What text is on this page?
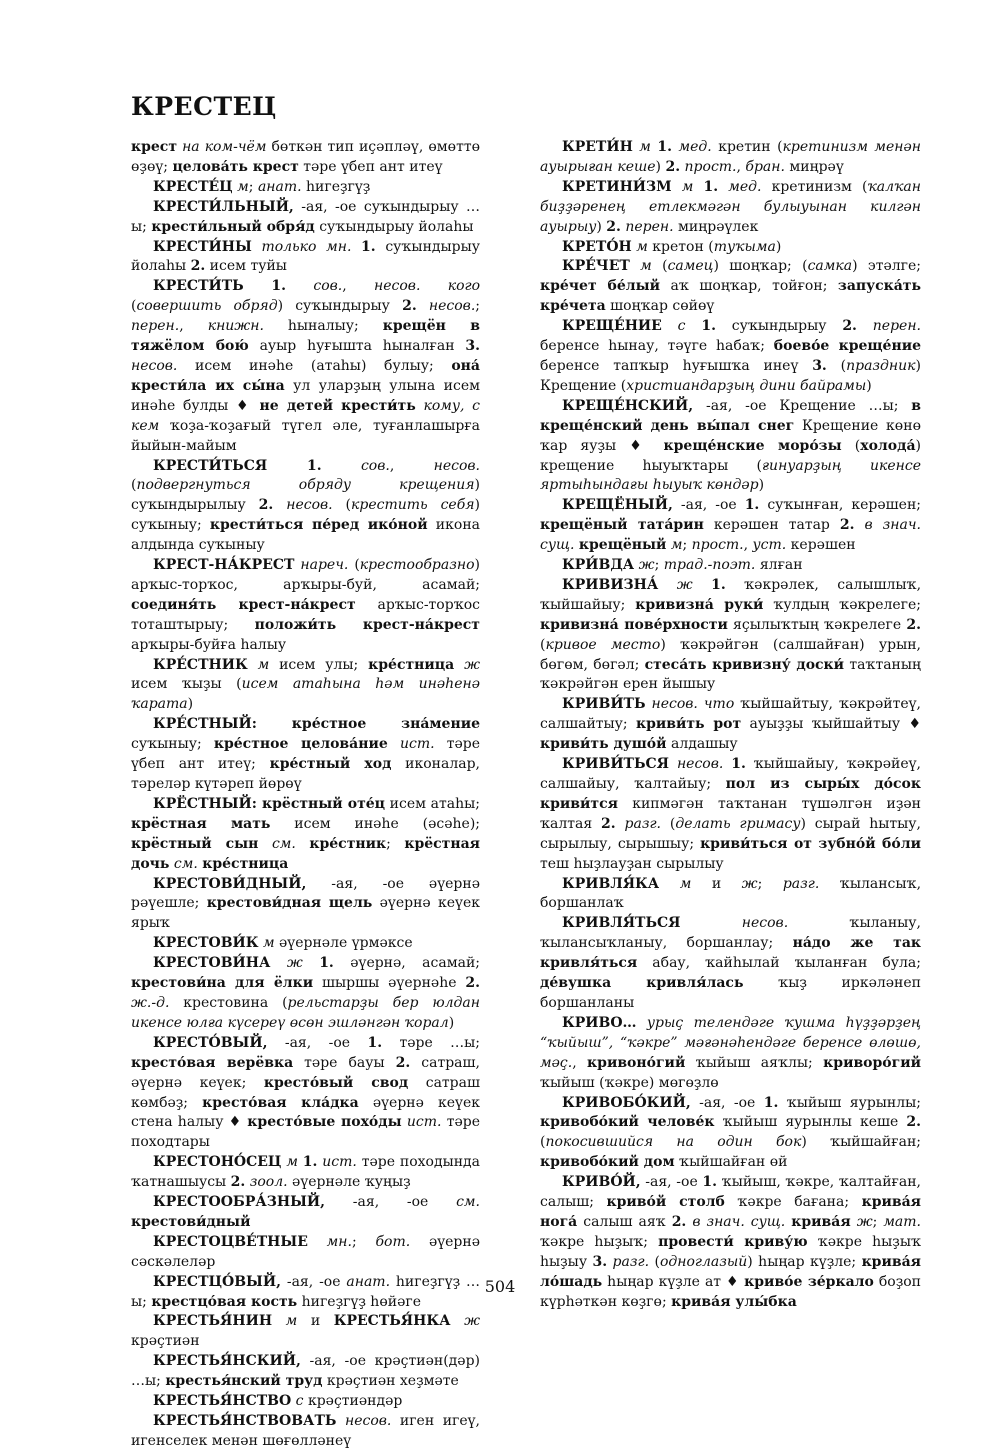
КРЕСТЕЦ

крест на ком-чём бөткән тип иҫәпләү, өмөттө өҙөү; целова́ть крест тәре үбеп ант итеү

КРЕСТЕ́Ц м; анат. һигеҙгүҙ

КРЕСТИ́ЛЬНЫЙ, -ая, -ое суҡындырыу …ы; крести́льный обря́д суҡындырыу йолаһы

КРЕСТИ́НЫ только мн. 1. суҡындырыу йолаһы 2. исем туйы

КРЕСТИ́ТЬ 1. сов., несов. кого (совершить обряд) суҡындырыу 2. несов.; перен., книжн. һыналыу; крещён в тяжёлом бою́ ауыр һуғышта һыналған 3. несов. исем инәһе (атаһы) булыу; она́ крести́ла их сы́на ул уларҙың улына исем инәһе булды ♦ не детей́ крести́ть кому, с кем ҡоҙа-ҡоҙағый түгел әле, туғанлашырға йыйын-майым

КРЕСТИ́ТЬСЯ 1.	сов., несов. (подвергнуться обряду крещения) суҡындырылыу 2. несов. (крестить себя) суҡыныу; крести́ться пе́ред ико́ной икона алдында суҡыныу

КРЕСТ-НА́КРЕСТ нареч. (крестообразно) арҡыс-торҡос, арҡыры-буй, асамай; соединя́ть крест-на́крест арҡыс-торҡос тоташтырыу; положи́ть крест-на́крест арҡыры-буйға һалыу

КРЕ́СТНИК м исем улы; кре́стница ж исем ҡыҙы (исем атаһына һәм инәһенә ҡарата)

КРЕ́СТНЫЙ: кре́стное зна́мение суҡыныу; кре́стное целова́ние ист. тәре үбеп ант итеү; кре́стный ход иконалар, тәреләр күтәреп йөрөү

КРЁСТНЫЙ: крёстный оте́ц исем атаһы; крёстная мать исем инәһе (әсәһе); крёстный сын см. кре́стник; крёстная дочь см. кре́стница

КРЕСТОВИ́ДНЫЙ, -ая, -ое әүернә рәүешле; крестови́дная щель әүернә кеүек ярыҡ

КРЕСТОВИ́К м әүернәле үрмәксе

КРЕСТОВИ́НА ж 1. әүернә, асамай; крестови́на для ёлки шыршы әүернәһе 2. ж.-д. крестовина (рельстарҙы бер юлдан икенсе юлға күсереү өсөн эшләнгән ҡорал)

КРЕСТО́ВЫЙ, -ая, -ое 1. тәре …ы; кресто́вая верёвка тәре бауы 2. сатраш, әүернә кеүек; кресто́вый свод сатраш көмбәҙ; кресто́вая кла́дка әүернә кеүек стена һалыу ♦ кресто́вые похо́ды ист. тәре походтары

КРЕСТОНО́СЕЦ м 1. ист. тәре походында ҡатнашыусы 2. зоол. әүернәле ҡуңыҙ

КРЕСТООБРА́ЗНЫЙ, -ая, -ое см. крестови́дный

КРЕСТОЦВЕ́ТНЫЕ мн.; бот. әүернә сәскәлеләр

КРЕСТЦО́ВЫЙ, -ая, -ое анат. һигеҙгүҙ …ы; крестцо́вая кость һигеҙгүҙ һөйәге

КРЕСТЬЯ́НИН м и КРЕСТЬЯ́НКА ж крәҫтиән

КРЕСТЬЯ́НСКИЙ, -ая, -ое крәҫтиән(дәр) …ы; крестья́нский труд крәҫтиән хеҙмәте

КРЕСТЬЯ́НСТВО с крәҫтиәндәр

КРЕСТЬЯ́НСТВОВАТЬ несов. иген игеү, игенселек менән шөғөлләнеү

КРЕТИ́Н м 1. мед. кретин (кретинизм менән ауырыған кеше) 2. прост., бран. миңрәү

КРЕТИНИ́ЗМ м 1. мед. кретинизм (ҡалҡан биҙҙәренең етлекмәгән булыуынан килгән ауырыу) 2. перен. миңрәүлек

КРЕТО́Н м кретон (туҡыма)

КРЕ́ЧЕТ м (самец) шоңҡар; (самка) этәлге; кре́чет бе́лый аҡ шоңҡар, тойғон; запуска́ть кре́чета шоңҡар сөйөү

КРЕЩЕ́НИЕ с 1. суҡындырыу 2. перен. беренсе һынау, тәүге һабаҡ; боево́е креще́ние беренсе тапҡыр һуғышҡа инеү 3. (праздник) Крещение (христиандарҙың дини байрамы)

КРЕЩЕ́НСКИЙ, -ая, -ое Крещение …ы; в креще́нский день вы́пал снег Крещение көнө ҡар яуҙы ♦ креще́нские моро́зы (холода́) крещение һыуыҡтары (ғинуарҙың икенсе яртыһындағы һыуыҡ көндәр)

КРЕЩЁНЫЙ, -ая, -ое 1. суҡынған, керәшен; крещёный тата́рин керәшен татар 2. в знач. сущ. крещёный м; прост., уст. керәшен

КРИ́ВДА ж; трад.-поэт. ялған

КРИВИЗНА́ ж 1. ҡәкрәлек, салышлыҡ, ҡыйшайыу; кривизна́ руки́ ҡулдың ҡәкрелеге; кривизна́ пове́рхности яҫылыҡтың ҡәкрелеге 2. (кривое место) ҡәкрәйгән (салшайған) урын, бөгөм, бөгәл; стеса́ть кривизну́ доски́ таҡтаның ҡәкрәйгән ерен йышыу

КРИВИ́ТЬ несов. что ҡыйшайтыу, ҡәкрәйтеү, салшайтыу; криви́ть рот ауыҙҙы ҡыйшайтыу ♦ криви́ть душо́й алдашыу

КРИВИ́ТЬСЯ несов. 1. ҡыйшайыу, ҡәкрәйеү, салшайыу, ҡалтайыу; пол из сыры́х до́сок криви́тся кипмәгән таҡтанан түшәлгән иҙән ҡалтая 2. разг. (делать гримасу) сырай һытыу, сырылыу, сырышыу; криви́ться от зубно́й бо́ли теш һыҙлауҙан сырылыу

КРИВЛЯ́КА м и ж; разг. ҡылансыҡ, боршанлаҡ

КРИВЛЯ́ТЬСЯ	несов. ҡыланыу, ҡылансыҡланыу, боршанлау; на́до же так кривля́ться абау, ҡайһылай ҡыланған була; де́вушка кривля́лась ҡыҙ иркәләнеп боршанланы

КРИВО… урыҫ телендәге ҡушма һүҙҙәрҙең “ҡыйыш”, “ҡәкре” мәғәнәһендәге беренсе өлөшө, мәҫ., кривоно́гий ҡыйыш аяҡлы; криворо́гий ҡыйыш (ҡәкре) мөгөҙлө

КРИВОБО́КИЙ, -ая, -ое 1. ҡыйыш яурынлы; кривобо́кий челове́к ҡыйыш яурынлы кеше 2. (покосившийся на один бок) ҡыйшайған; кривобо́кий дом ҡыйшайған өй

КРИВО́Й, -ая, -ое 1. ҡыйыш, ҡәкре, ҡалтайған, салыш; криво́й столб ҡәкре бағана; крива́я нога́ салыш аяҡ 2. в знач. сущ. крива́я ж; мат. ҡәкре һыҙыҡ; провести́ криву́ю ҡәкре һыҙыҡ һыҙыу 3. разг. (одноглазый) һыңар күҙле; крива́я ло́шадь һыңар күҙле ат ♦ криво́е зе́ркало боҙоп күрһәткән көҙгө; крива́я улы́бка

504
